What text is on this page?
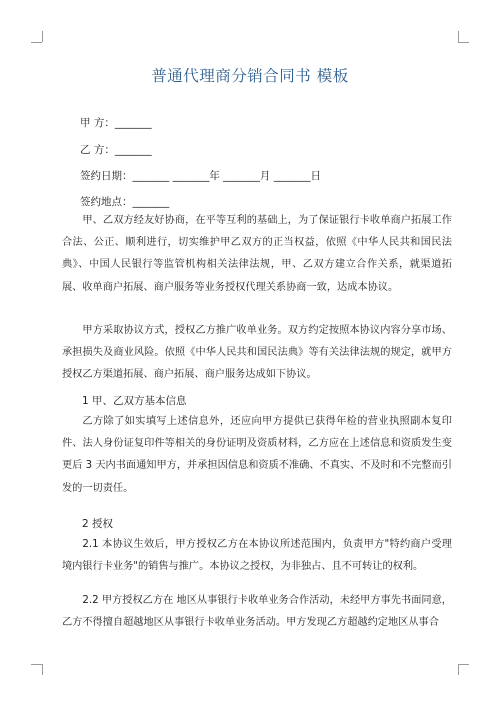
普通代理商分销合同书 模板
甲 方：_______
乙 方：_______
签约日期：_______ _______年 _______月 _______日
签约地点：_______

甲、乙双方经友好协商，在平等互利的基础上，为了保证银行卡收单商户拓展工作合法、公正、顺利进行，切实维护甲乙双方的正当权益，依照《中华人民共和国民法典》、中国人民银行等监管机构相关法律法规，甲、乙双方建立合作关系，就渠道拓展、收单商户拓展、商户服务等业务授权代理关系协商一致，达成本协议。

甲方采取协议方式，授权乙方推广收单业务。双方约定按照本协议内容分享市场、承担损失及商业风险。依照《中华人民共和国民法典》等有关法律法规的规定，就甲方授权乙方渠道拓展、商户拓展、商户服务达成如下协议。

1 甲、乙双方基本信息

乙方除了如实填写上述信息外，还应向甲方提供已获得年检的营业执照副本复印件、法人身份证复印件等相关的身份证明及资质材料，乙方应在上述信息和资质发生变更后 3 天内书面通知甲方，并承担因信息和资质不准确、不真实、不及时和不完整而引发的一切责任。

2 授权

2.1 本协议生效后，甲方授权乙方在本协议所述范围内，负责甲方"特约商户受理境内银行卡业务"的销售与推广。本协议之授权，为非独占、且不可转让的权利。

2.2 甲方授权乙方在 地区从事银行卡收单业务合作活动，未经甲方事先书面同意，乙方不得擅自超越地区从事银行卡收单业务活动。甲方发现乙方超越约定地区从事合
